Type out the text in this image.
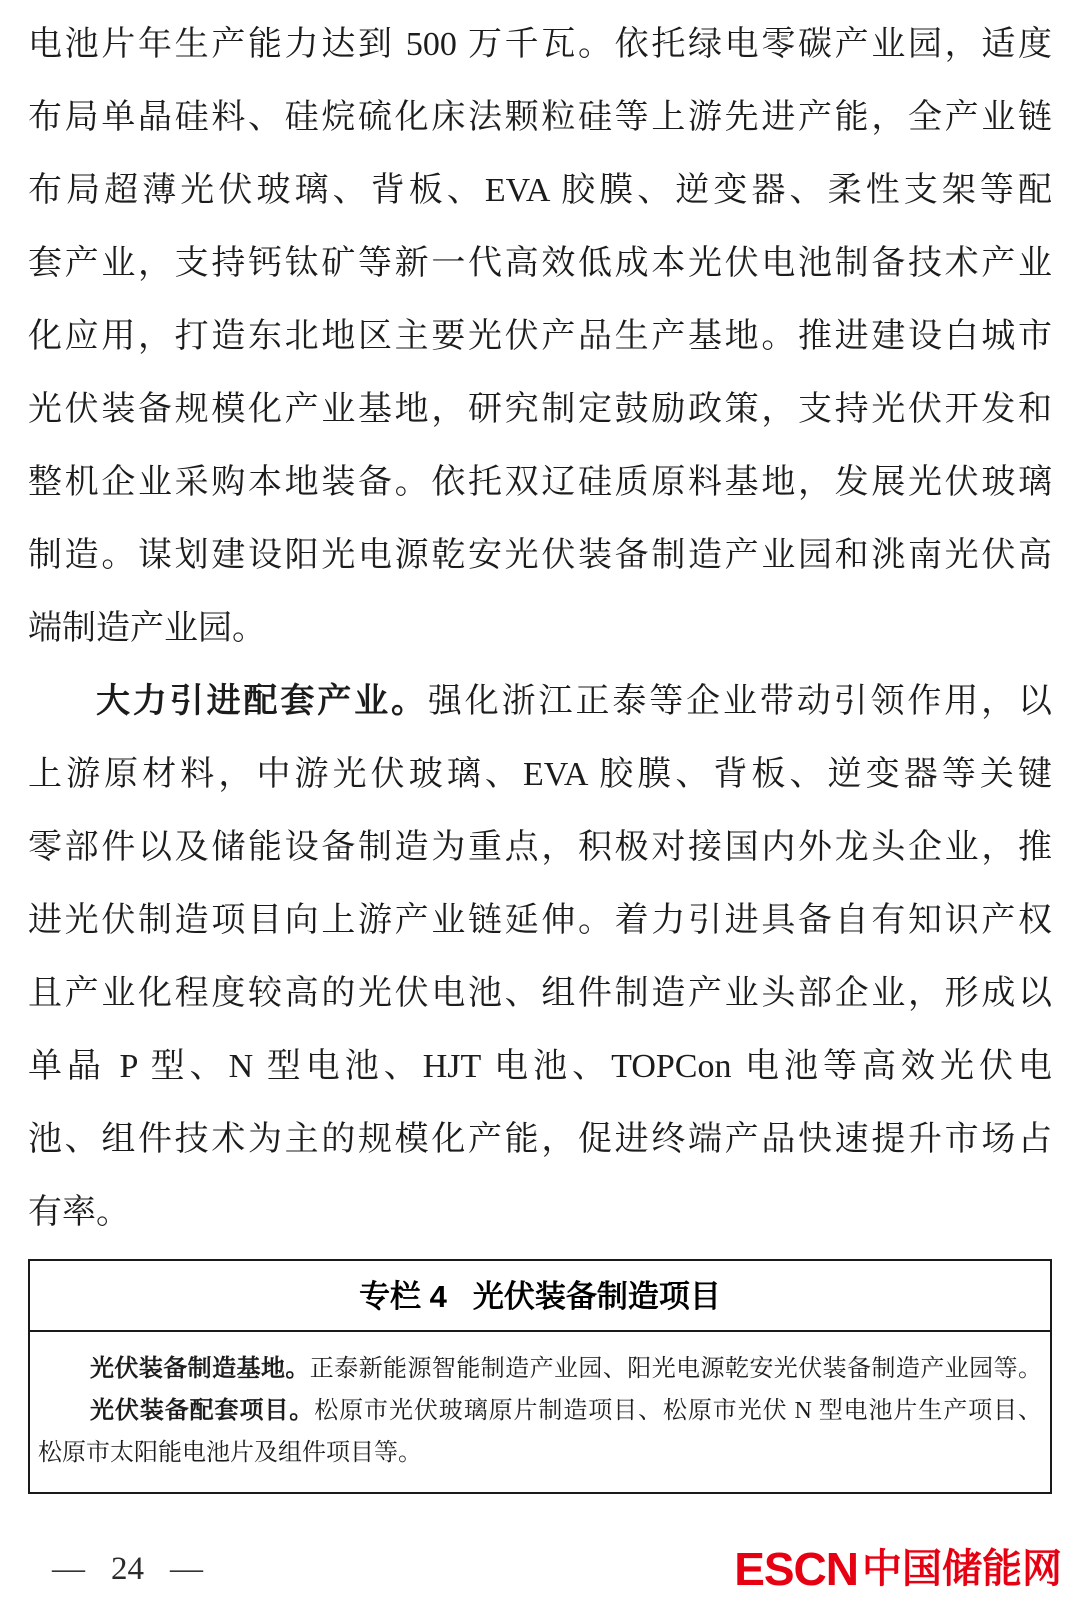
电池片年生产能力达到 500 万千瓦。依托绿电零碳产业园，适度
布局单晶硅料、硅烷硫化床法颗粒硅等上游先进产能，全产业链
布局超薄光伏玻璃、背板、EVA 胶膜、逆变器、柔性支架等配
套产业，支持钙钛矿等新一代高效低成本光伏电池制备技术产业
化应用，打造东北地区主要光伏产品生产基地。推进建设白城市
光伏装备规模化产业基地，研究制定鼓励政策，支持光伏开发和
整机企业采购本地装备。依托双辽硅质原料基地，发展光伏玻璃
制造。谋划建设阳光电源乾安光伏装备制造产业园和洮南光伏高
端制造产业园。
大力引进配套产业。强化浙江正泰等企业带动引领作用，以
上游原材料，中游光伏玻璃、EVA 胶膜、背板、逆变器等关键
零部件以及储能设备制造为重点，积极对接国内外龙头企业，推
进光伏制造项目向上游产业链延伸。着力引进具备自有知识产权
且产业化程度较高的光伏电池、组件制造产业头部企业，形成以
单晶 P 型、N 型电池、HJT 电池、TOPCon 电池等高效光伏电
池、组件技术为主的规模化产能，促进终端产品快速提升市场占
有率。
专栏 4 光伏装备制造项目
光伏装备制造基地。正泰新能源智能制造产业园、阳光电源乾安光伏装备制造产业园等。
光伏装备配套项目。松原市光伏玻璃原片制造项目、松原市光伏 N 型电池片生产项目、
松原市太阳能电池片及组件项目等。
— 24 —	ESCN 中国储能网
